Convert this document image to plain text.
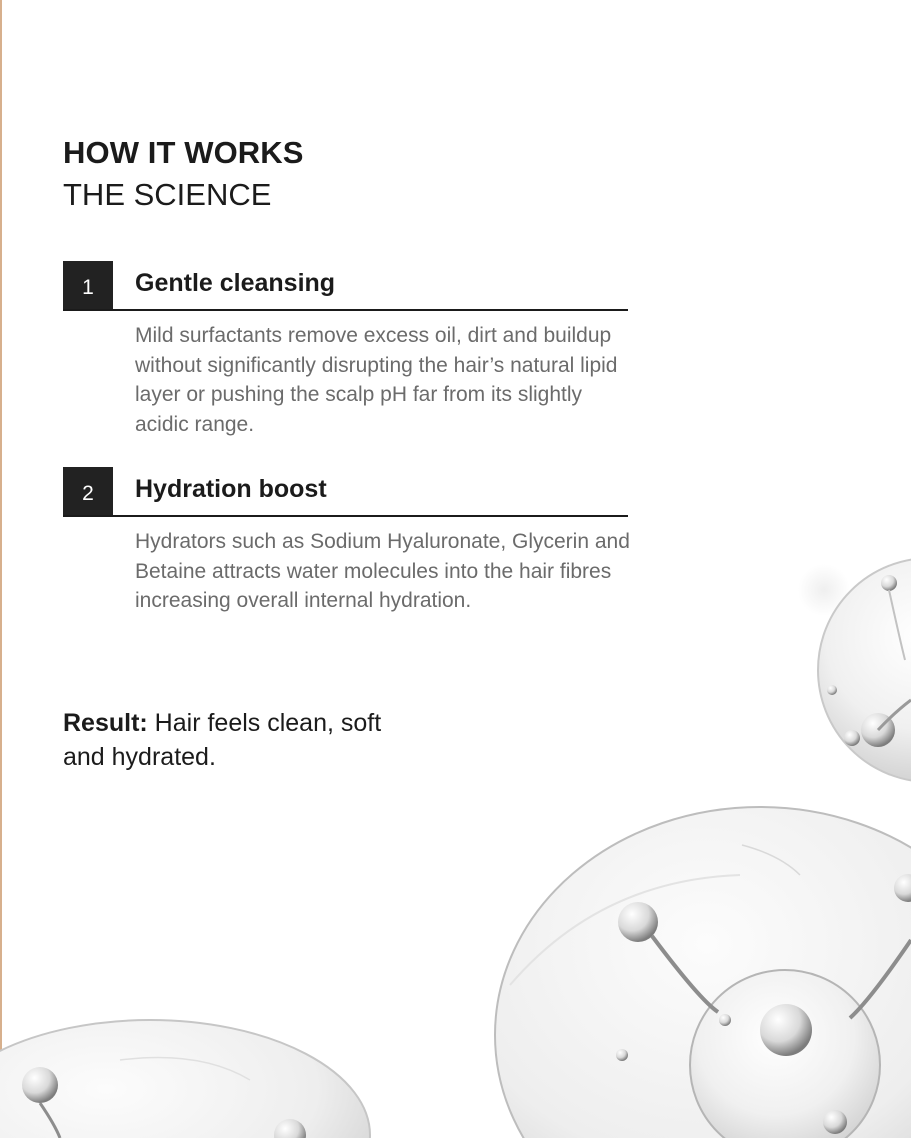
HOW IT WORKS
THE SCIENCE
1	Gentle cleansing
Mild surfactants remove excess oil, dirt and buildup without significantly disrupting the hair’s natural lipid layer or pushing the scalp pH far from its slightly acidic range.
2	Hydration boost
Hydrators such as Sodium Hyaluronate, Glycerin and Betaine attracts water molecules into the hair fibres increasing overall internal hydration.
Result: Hair feels clean, soft and hydrated.
